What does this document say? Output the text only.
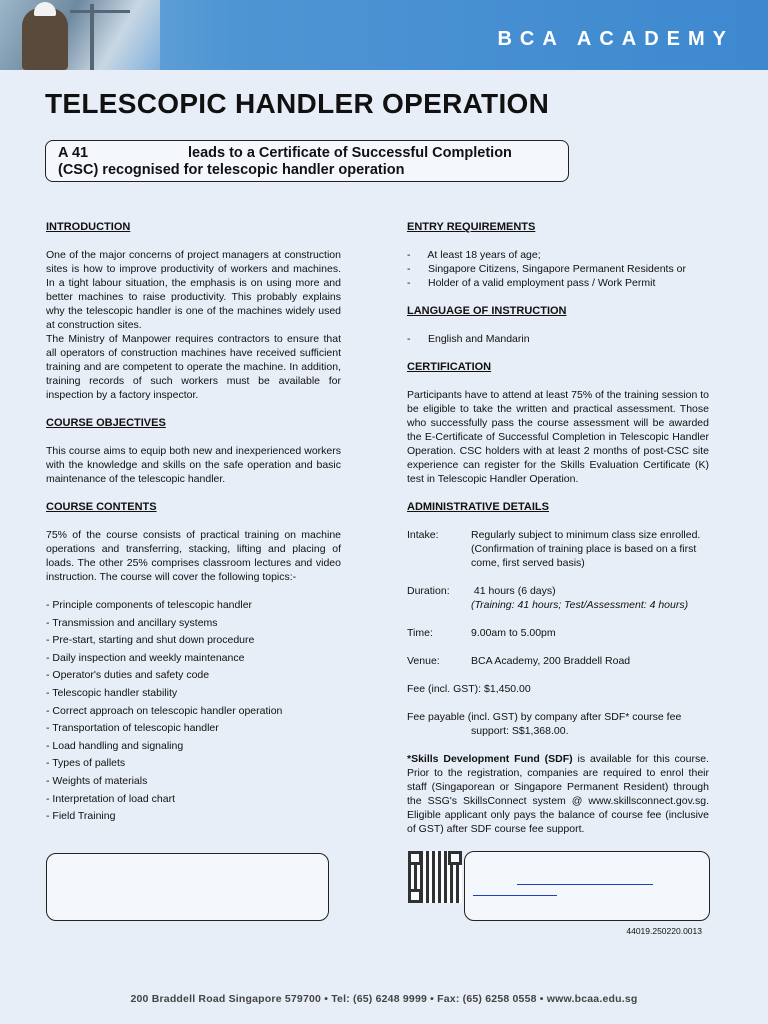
BCA ACADEMY
TELESCOPIC HANDLER OPERATION
A 41	leads to a Certificate of Successful Completion
(CSC) recognised for telescopic handler operation
INTRODUCTION

One of the major concerns of project managers at construction sites is how to improve productivity of workers and machines. In a tight labour situation, the emphasis is on using more and better machines to raise productivity. This probably explains why the telescopic handler is one of the machines widely used at construction sites.

The Ministry of Manpower requires contractors to ensure that all operators of construction machines have received sufficient training and are competent to operate the machine. In addition, training records of such workers must be available for inspection by a factory inspector.

COURSE OBJECTIVES

This course aims to equip both new and inexperienced workers with the knowledge and skills on the safe operation and basic maintenance of the telescopic handler.

COURSE CONTENTS

75% of the course consists of practical training on machine operations and transferring, stacking, lifting and placing of loads. The other 25% comprises classroom lectures and video instruction. The course will cover the following topics:-

- Principle components of telescopic handler
- Transmission and ancillary systems
- Pre-start, starting and shut down procedure
- Daily inspection and weekly maintenance
- Operator's duties and safety code
- Telescopic handler stability
- Correct approach on telescopic handler operation
- Transportation of telescopic handler
- Load handling and signaling
- Types of pallets
- Weights of materials
- Interpretation of load chart
- Field Training
ENTRY REQUIREMENTS
-      At least 18 years of age;
-      Singapore Citizens, Singapore Permanent Residents or
-      Holder of a valid employment pass / Work Permit
LANGUAGE OF INSTRUCTION
-      English and Mandarin
CERTIFICATION

Participants have to attend at least 75% of the training session to be eligible to take the written and practical assessment. Those who successfully pass the course assessment will be awarded the E-Certificate of Successful Completion in Telescopic Handler Operation. CSC holders with at least 2 months of post-CSC site experience can register for the Skills Evaluation Certificate (K) test in Telescopic Handler Operation.

ADMINISTRATIVE DETAILS
Intake:	Regularly subject to minimum class size enrolled. (Confirmation of training place is based on a first come, first served basis)
Duration:	41 hours (6 days)
(Training: 41 hours; Test/Assessment: 4 hours)
Time:	9.00am to 5.00pm
Venue:	BCA Academy, 200 Braddell Road
Fee (incl. GST): $1,450.00
Fee payable (incl. GST) by company after SDF* course fee
support: S$1,368.00.

*Skills Development Fund (SDF) is available for this course. Prior to the registration, companies are required to enrol their staff (Singaporean or Singapore Permanent Resident) through the SSG's SkillsConnect system @ www.skillsconnect.gov.sg. Eligible applicant only pays the balance of course fee (inclusive of GST) after SDF course fee support.

44019.250220.0013
200 Braddell Road Singapore 579700 • Tel: (65) 6248 9999 • Fax: (65) 6258 0558 • www.bcaa.edu.sg
